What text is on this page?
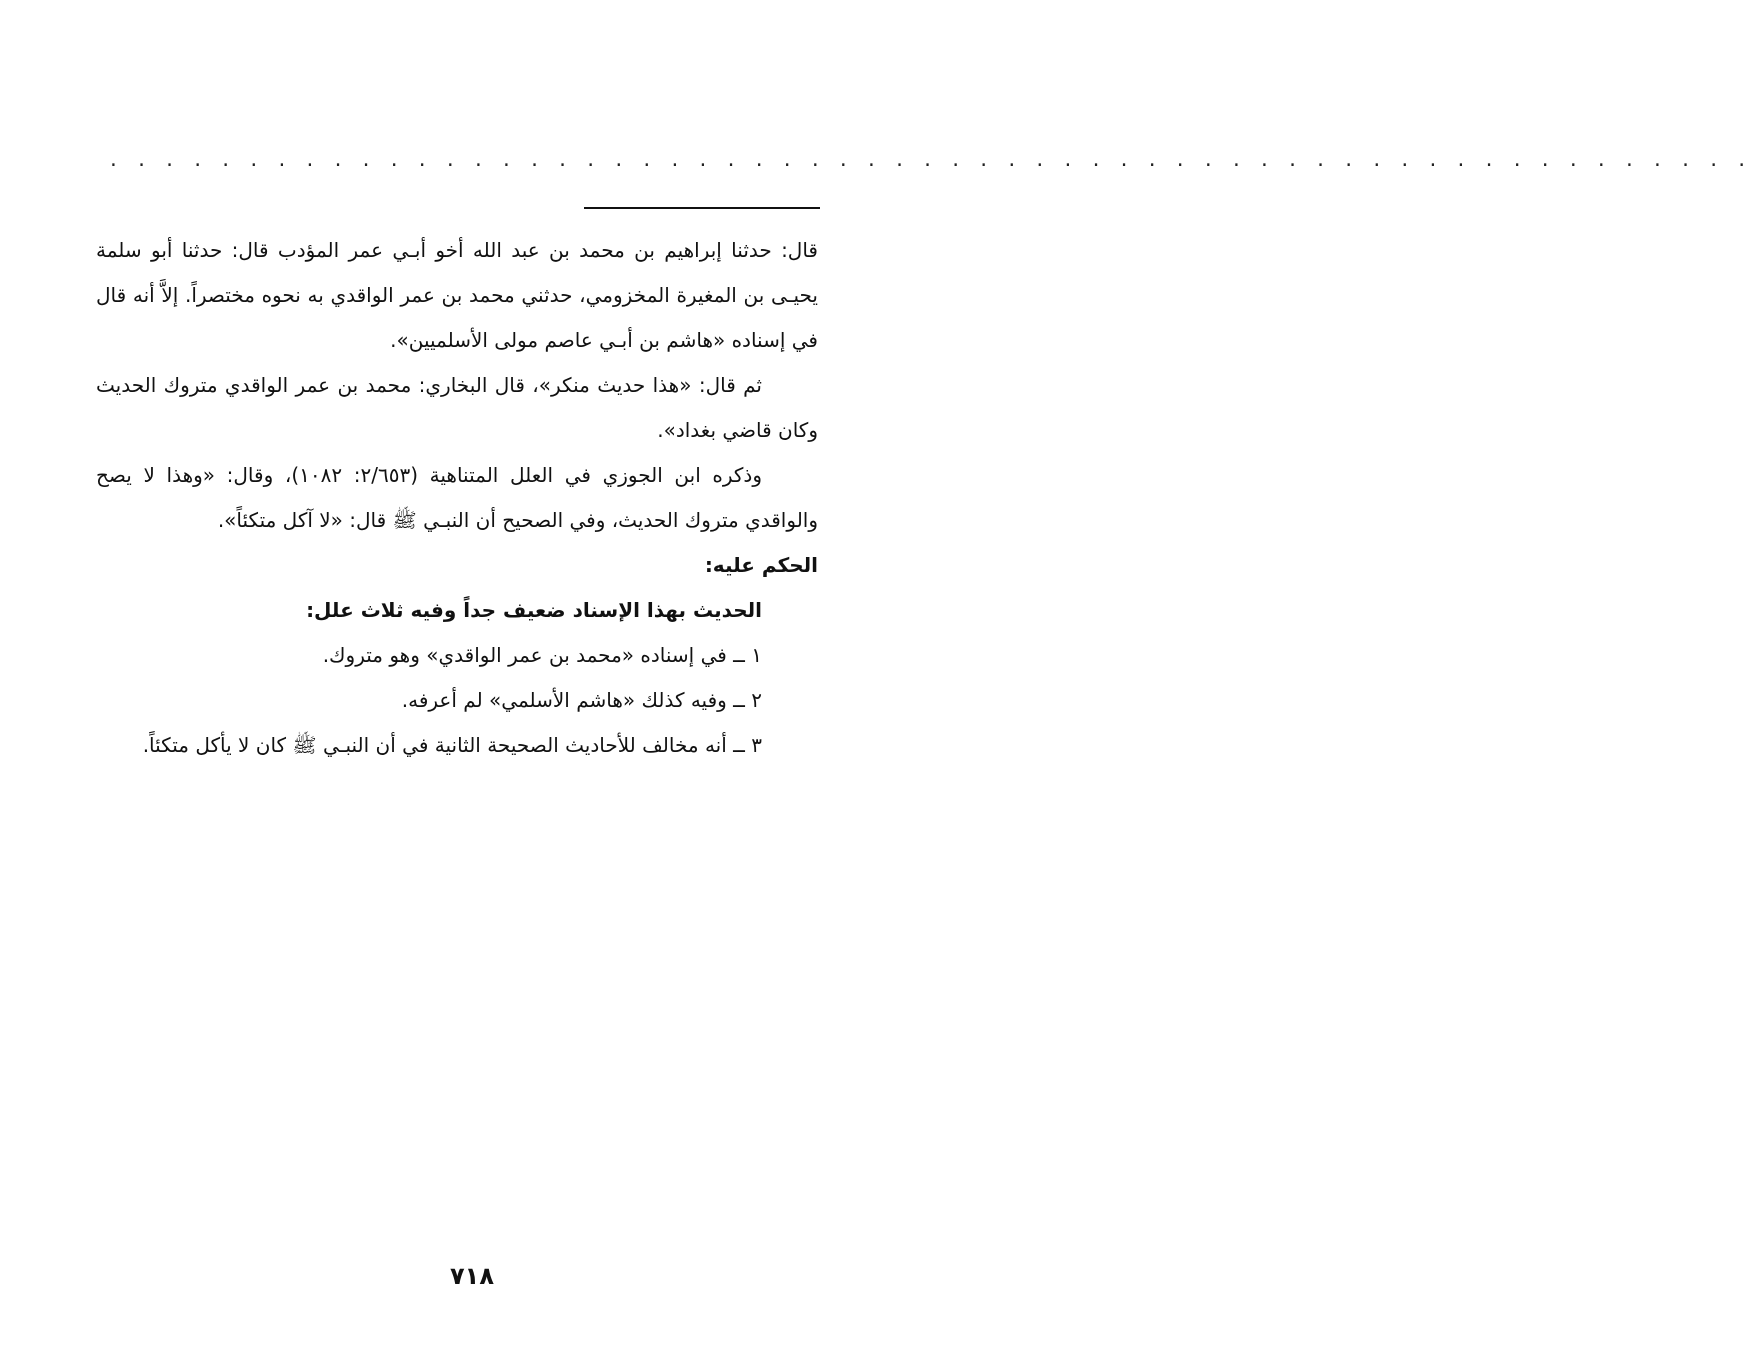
. . . . . . . . . . . . . . . . . . . . . . . . . . . . . . . . . . . . . . . . . . . . . . . . . . . . . . . . . . .

قال: حدثنا إبراهيم بن محمد بن عبد الله أخو أبـي عمر المؤدب قال: حدثنا أبو سلمة يحيـى بن المغيرة المخزومي، حدثني محمد بن عمر الواقدي به نحوه مختصراً. إلاَّ أنه قال في إسناده «هاشم بن أبـي عاصم مولى الأسلميين».

ثم قال: «هذا حديث منكر»، قال البخاري: محمد بن عمر الواقدي متروك الحديث وكان قاضي بغداد».

وذكره ابن الجوزي في العلل المتناهية (٢/٦٥٣: ١٠٨٢)، وقال: «وهذا لا يصح والواقدي متروك الحديث، وفي الصحيح أن النبـي ﷺ قال: «لا آكل متكئاً».

الحكم عليه:

الحديث بهذا الإسناد ضعيف جداً وفيه ثلاث علل:

١ ــ في إسناده «محمد بن عمر الواقدي» وهو متروك.

٢ ــ وفيه كذلك «هاشم الأسلمي» لم أعرفه.

٣ ــ أنه مخالف للأحاديث الصحيحة الثانية في أن النبـي ﷺ كان لا يأكل متكئاً.

٧١٨
